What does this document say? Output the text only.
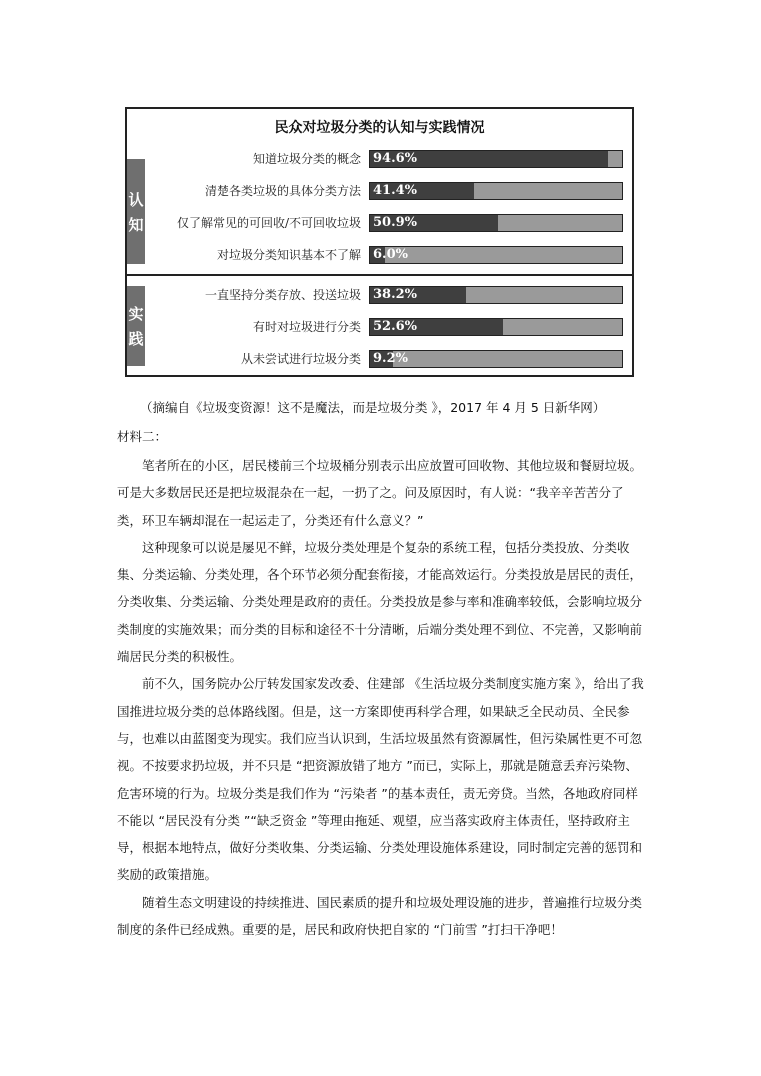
民众对垃圾分类的认知与实践情况
认
知
实
践
知道垃圾分类的概念 94.6%
清楚各类垃圾的具体分类方法 41.4%
仅了解常见的可回收/不可回收垃圾 50.9%
对垃圾分类知识基本不了解 6.0%
一直坚持分类存放、投送垃圾 38.2%
有时对垃圾进行分类 52.6%
从未尝试进行垃圾分类 9.2%
（摘编自《垃圾变资源！这不是魔法，而是垃圾分类 》，2017 年 4 月 5 日新华网）
材料二：

笔者所在的小区，居民楼前三个垃圾桶分别表示出应放置可回收物、其他垃圾和餐厨垃圾。可是大多数居民还是把垃圾混杂在一起，一扔了之。问及原因时，有人说：“我辛辛苦苦分了类，环卫车辆却混在一起运走了，分类还有什么意义？”

这种现象可以说是屡见不鲜，垃圾分类处理是个复杂的系统工程，包括分类投放、分类收集、分类运输、分类处理，各个环节必须分配套衔接，才能高效运行。分类投放是居民的责任，分类收集、分类运输、分类处理是政府的责任。分类投放是参与率和准确率较低，会影响垃圾分类制度的实施效果；而分类的目标和途径不十分清晰，后端分类处理不到位、不完善，又影响前端居民分类的积极性。

前不久，国务院办公厅转发国家发改委、住建部 《生活垃圾分类制度实施方案 》，给出了我国推进垃圾分类的总体路线图。但是，这一方案即使再科学合理，如果缺乏全民动员、全民参与，也难以由蓝图变为现实。我们应当认识到，生活垃圾虽然有资源属性，但污染属性更不可忽视。不按要求扔垃圾，并不只是 “把资源放错了地方 ”而已，实际上，那就是随意丢弃污染物、危害环境的行为。垃圾分类是我们作为 “污染者 ”的基本责任，责无旁贷。当然，各地政府同样不能以 “居民没有分类 ”“缺乏资金 ”等理由拖延、观望，应当落实政府主体责任，坚持政府主导，根据本地特点，做好分类收集、分类运输、分类处理设施体系建设，同时制定完善的惩罚和奖励的政策措施。

随着生态文明建设的持续推进、国民素质的提升和垃圾处理设施的进步，普遍推行垃圾分类制度的条件已经成熟。重要的是，居民和政府快把自家的 “门前雪 ”打扫干净吧！
